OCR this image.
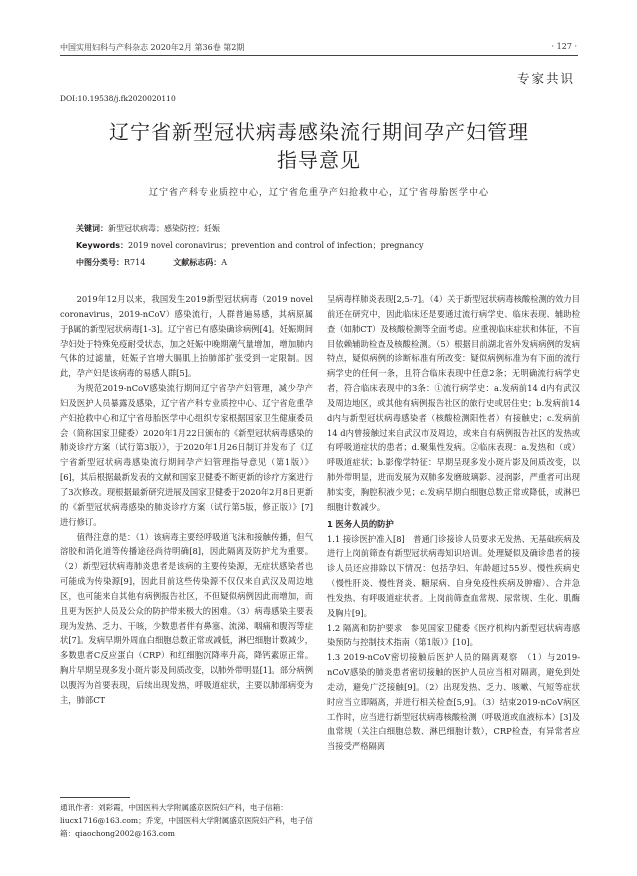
中国实用妇科与产科杂志 2020年2月 第36卷 第2期	· 127 ·
专家共识
DOI:10.19538/j.fk2020020110
辽宁省新型冠状病毒感染流行期间孕产妇管理
指导意见
辽宁省产科专业质控中心，辽宁省危重孕产妇抢救中心，辽宁省母胎医学中心
关键词：新型冠状病毒；感染防控；妊娠
Keywords：2019 novel coronavirus；prevention and control of infection；pregnancy
中图分类号：R714	文献标志码：A

2019年12月以来，我国发生2019新型冠状病毒（2019 novel coronavirus，2019-nCoV）感染流行，人群普遍易感，其病原属于β属的新型冠状病毒[1-3]。辽宁省已有感染确诊病例[4]。妊娠期间孕妇处于特殊免疫耐受状态，加之妊娠中晚期潮气量增加，增加肺内气体的过滤量，妊娠子宫增大膈肌上抬肺部扩张受到一定限制。因此，孕产妇是该病毒的易感人群[5]。

为规范2019-nCoV感染流行期间辽宁省孕产妇管理，减少孕产妇及医护人员暴露及感染，辽宁省产科专业质控中心、辽宁省危重孕产妇抢救中心和辽宁省母胎医学中心组织专家根据国家卫生健康委员会（简称国家卫健委）2020年1月22日颁布的《新型冠状病毒感染的肺炎诊疗方案（试行第3版）》，于2020年1月26日制订并发布了《辽宁省新型冠状病毒感染流行期间孕产妇管理指导意见（第1版）》[6]，其后根据最新发表的文献和国家卫健委不断更新的诊疗方案进行了3次修改。现根据最新研究进展及国家卫健委于2020年2月8日更新的《新型冠状病毒感染的肺炎诊疗方案（试行第5版，修正版）》[7]进行修订。

值得注意的是：（1）该病毒主要经呼吸道飞沫和接触传播，但气溶胶和消化道等传播途径尚待明确[8]，因此隔离及防护尤为重要。（2）新型冠状病毒肺炎患者是该病的主要传染源，无症状感染者也可能成为传染源[9]，因此目前这些传染源不仅仅来自武汉及周边地区，也可能来自其他有病例报告社区，不但疑似病例因此而增加，而且更为医护人员及公众的防护带来极大的困难。（3）病毒感染主要表现为发热、乏力、干咳，少数患者伴有鼻塞、流涕、咽痛和腹泻等症状[7]。发病早期外周血白细胞总数正常或减低，淋巴细胞计数减少，多数患者C反应蛋白（CRP）和红细胞沉降率升高，降钙素原正常。胸片早期呈现多发小斑片影及间质改变，以肺外带明显[1]。部分病例以腹泻为首要表现，后续出现发热，呼吸道症状，主要以肺部病变为主，肺部CT

呈病毒样肺炎表现[2,5-7]。（4）关于新型冠状病毒核酸检测的效力目前还在研究中，因此临床还是要通过流行病学史、临床表现、辅助检查（如肺CT）及核酸检测等全面考虑。应重视临床症状和体征，不盲目依赖辅助检查及核酸检测。（5）根据目前湖北省外发病病例的发病特点，疑似病例的诊断标准有所改变：疑似病例标准为有下面的流行病学史的任何一条，且符合临床表现中任意2条；无明确流行病学史者，符合临床表现中的3条：①流行病学史：a.发病前14 d内有武汉及周边地区，或其他有病例报告社区的旅行史或居住史；b.发病前14 d内与新型冠状病毒感染者（核酸检测阳性者）有接触史；c.发病前14 d内曾接触过来自武汉市及周边，或来自有病例报告社区的发热或有呼吸道症状的患者；d.聚集性发病。②临床表现：a.发热和（或）呼吸道症状；b.影像学特征：早期呈现多发小斑片影及间质改变，以肺外带明显，进而发展为双肺多发磨玻璃影、浸润影，严重者可出现肺实变，胸腔积液少见；c.发病早期白细胞总数正常或降低，或淋巴细胞计数减少。

1 医务人员的防护

1.1 接诊医护准入[8]　普通门诊接诊人员要求无发热、无基础疾病及进行上岗前筛查有新型冠状病毒知识培训。处理疑似及确诊患者的接诊人员还应排除以下情况：包括孕妇、年龄超过55岁、慢性疾病史（慢性肝炎、慢性肾炎、糖尿病、自身免疫性疾病及肿瘤）、合并急性发热、有呼吸道症状者。上岗前筛查血常规、尿常规、生化、肌酶及胸片[9]。

1.2 隔离和防护要求　参见国家卫健委《医疗机构内新型冠状病毒感染预防与控制技术指南（第1版）》[10]。

1.3 2019-nCoV密切接触后医护人员的隔离观察　（1）与2019-nCoV感染的肺炎患者密切接触的医护人员应当相对隔离，避免到处走动，避免广泛接触[9]。（2）出现发热、乏力、咳嗽、气短等症状时应当立即隔离，并进行相关检查[5,9]。（3）结束2019-nCoV病区工作时，应当进行新型冠状病毒核酸检测（呼吸道或血液标本）[3]及血常规（关注白细胞总数、淋巴细胞计数），CRP检查，有异常者应当接受严格隔离

通讯作者：刘彩霞，中国医科大学附属盛京医院妇产科，电子信箱：liucx1716@163.com；乔宠，中国医科大学附属盛京医院妇产科，电子信箱：qiaochong2002@163.com
